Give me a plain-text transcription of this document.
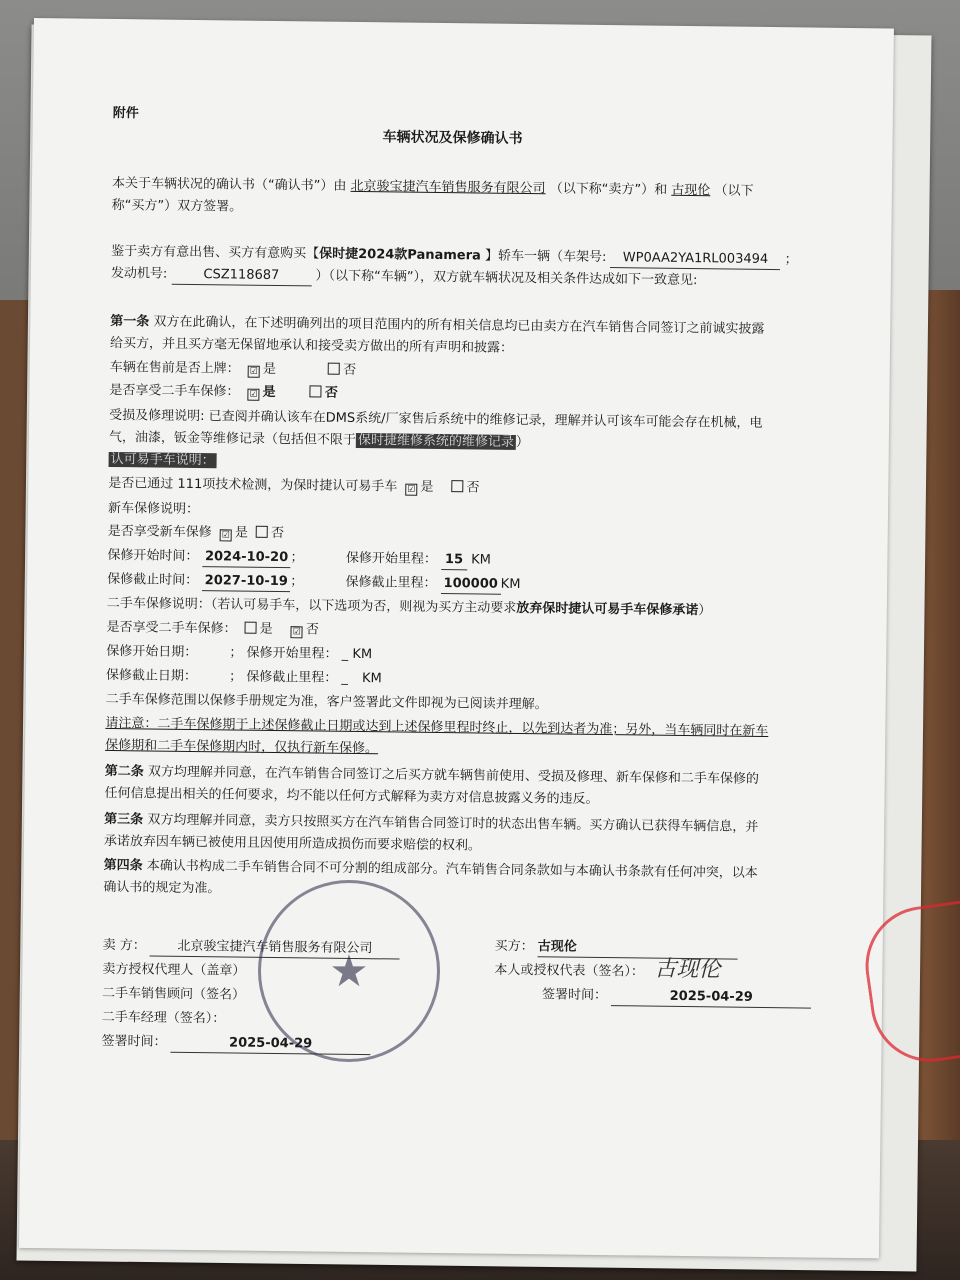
附件
车辆状况及保修确认书
本关于车辆状况的确认书（“确认书”）由 北京骏宝捷汽车销售服务有限公司 （以下称“卖方”）和 古现伦 （以下
称“买方”）双方签署。
鉴于卖方有意出售、买方有意购买【保时捷2024款Panamera 】轿车一辆（车架号: WP0AA2YA1RL003494 ；
发动机号:	CSZ118687	）（以下称“车辆”），双方就车辆状况及相关条件达成如下一致意见:
第一条 双方在此确认，在下述明确列出的项目范围内的所有相关信息均已由卖方在汽车销售合同签订之前诚实披露
给买方，并且买方毫无保留地承认和接受卖方做出的所有声明和披露：
车辆在售前是否上牌： ☑ 是	否
是否享受二手车保修： ☑ 是	否
受损及修理说明: 已查阅并确认该车在DMS系统/厂家售后系统中的维修记录，理解并认可该车可能会存在机械，电
气，油漆，钣金等维修记录（包括但不限于 保时捷维修系统的维修记录 ）
认可易手车说明：
是否已通过 111项技术检测，为保时捷认可易手车 ☑ 是	否
新车保修说明：
是否享受新车保修 ☑ 是 否
保修开始时间： 2024-10-20 ；	保修开始里程： 15 KM
保修截止时间： 2027-10-19 ；	保修截止里程： 100000 KM
二手车保修说明：（若认可易手车，以下选项为否，则视为买方主动要求放弃保时捷认可易手车保修承诺）
是否享受二手车保修： 是 ☑ 否
保修开始日期： ； 保修开始里程： _ KM
保修截止日期： ； 保修截止里程： _ KM
二手车保修范围以保修手册规定为准，客户签署此文件即视为已阅读并理解。
请注意：二手车保修期于上述保修截止日期或达到上述保修里程时终止，以先到达者为准；另外，当车辆同时在新车
保修期和二手车保修期内时，仅执行新车保修。
第二条 双方均理解并同意，在汽车销售合同签订之后买方就车辆售前使用、受损及修理、新车保修和二手车保修的
任何信息提出相关的任何要求，均不能以任何方式解释为卖方对信息披露义务的违反。
第三条 双方均理解并同意，卖方只按照买方在汽车销售合同签订时的状态出售车辆。买方确认已获得车辆信息，并
承诺放弃因车辆已被使用且因使用所造成损伤而要求赔偿的权利。
第四条 本确认书构成二手车销售合同不可分割的组成部分。汽车销售合同条款如与本确认书条款有任何冲突，以本
确认书的规定为准。
卖 方： 北京骏宝捷汽车销售服务有限公司
卖方授权代理人（盖章）
二手车销售顾问（签名）
二手车经理（签名）：
签署时间：	2025-04-29
买方： 古现伦
本人或授权代表（签名）：
签署时间：	2025-04-29
古现伦
★
